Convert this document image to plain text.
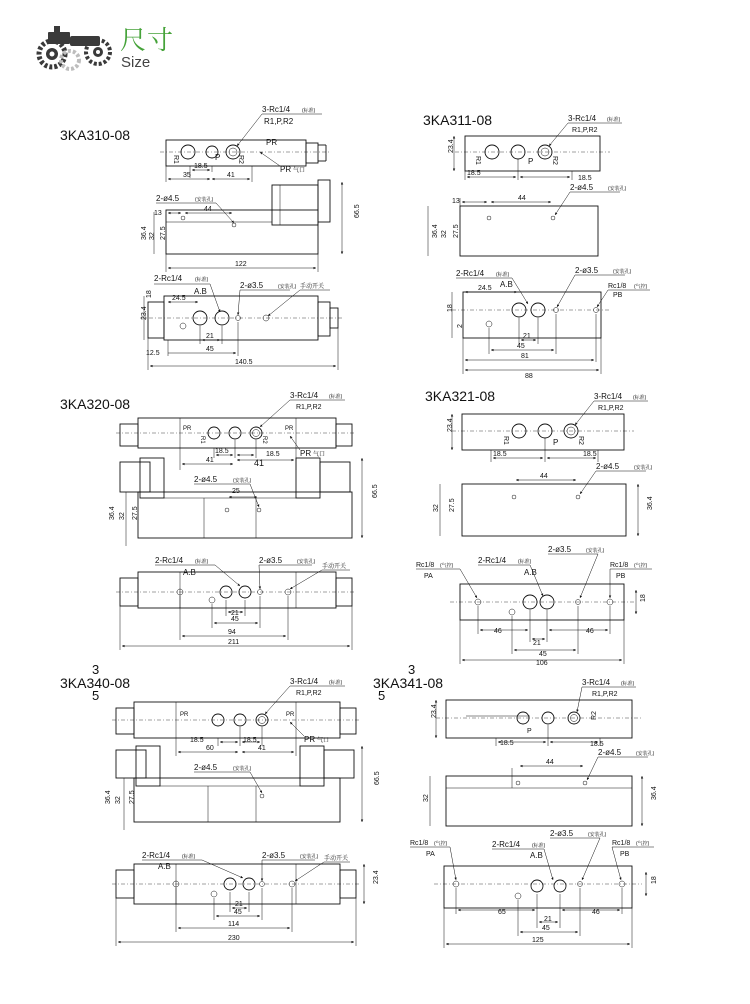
尺寸
Size
3KA310-08
3KA311-08
3KA320-08	3KA321-08
3
3KA340-08
5
3
3KA341-08
5
R1	P R2
3-Rc1/4 (标准)
R1,P,R2
PR
PR 气口
18.5
35	41
2-ø4.5	(安装孔)
13
44
36.4 32 27.5
122
66.5
2-Rc1/4	(标准)
A.B
2-ø3.5	(安装孔) 手动开关
24.5
18
23.4
21
12.5
45
140.5
R1	P	R2
3-Rc1/4 (标准)
R1,P,R2
23.4
18.5
18.5
2-ø4.5	(安装孔)
13	44
36.4 32 27.5
2-Rc1/4 (标准)
A.B
2-ø3.5	(安装孔)
Rc1/8 (气控)
PB
24.5
18
2
21
45
81
88
PR	PR
R1	R2
3-Rc1/4 (标准)
R1,P,R2
18.5	18.5
41	41
PR 气口
2-ø4.5	(安装孔)
25
36.4 32 27.5
66.5
2-Rc1/4 (标准)
A.B
2-ø3.5	(安装孔)
手动开关
21
45
94
211
R1	P	R2
3-Rc1/4 (标准)
R1,P,R2
23.4
18.5	18.5
2-ø4.5	(安装孔)
44
32 27.5	36.4
Rc1/8 (气控)
PA
2-Rc1/4 (标准)
A.B
2-ø3.5	(安装孔)
Rc1/8 (气控)
PB
18
46	46
21
45
106
PR	PR
3-Rc1/4 (标准)
R1,P,R2
18.5	18.5
60	41
PR 气口
2-ø4.5	(安装孔)
36.4 32 27.5
66.5
2-Rc1/4 (标准)
A.B
2-ø3.5	(安装孔) 手动开关
21
45
114
230
23.4
P
R2
3-Rc1/4 (标准)
R1,P,R2
23.4
18.5	18.5
2-ø4.5	(安装孔)
44
32	36.4
Rc1/8 (气控)
PA
2-Rc1/4 (标准)
A.B
2-ø3.5	(安装孔)
Rc1/8 (气控)
PB
18
65	46
21
45
125
